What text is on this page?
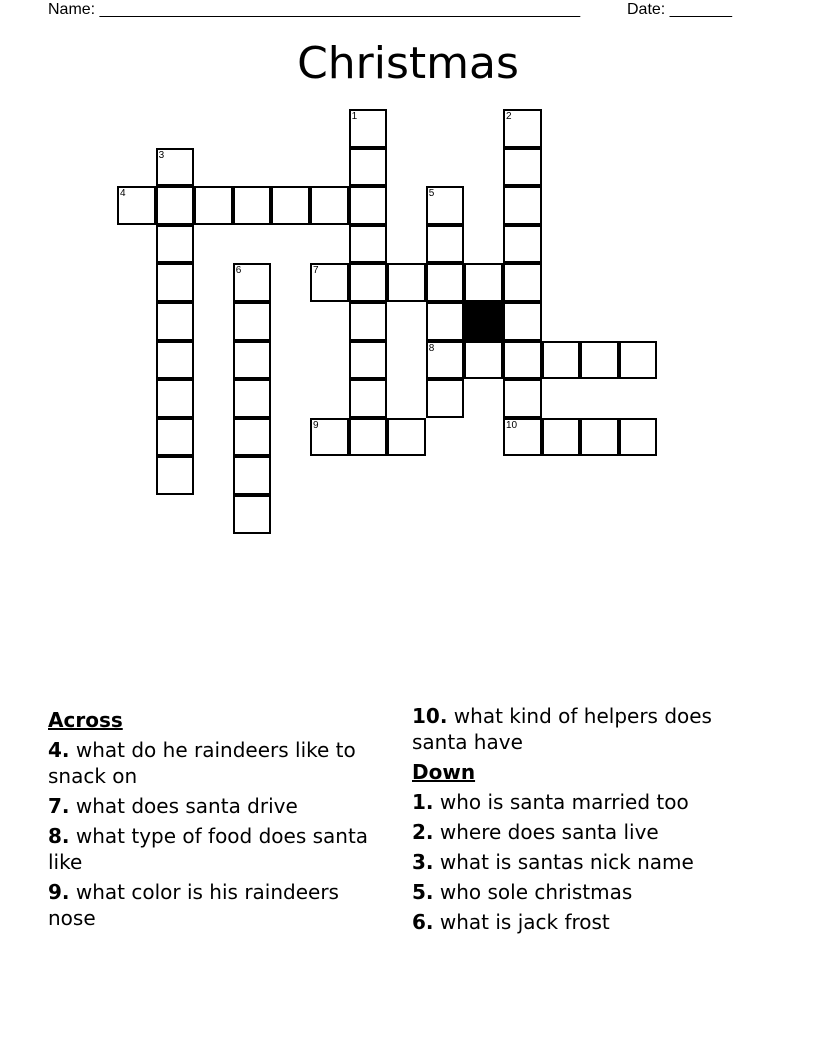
Name: ______________________________________________________	Date: _______
Christmas
1	2
10
3
4	5
8
6	7
9
Across
4. what do he raindeers like to snack on
7. what does santa drive
8. what type of food does santa like
9. what color is his raindeers nose
10. what kind of helpers does santa have
Down
1. who is santa married too
2. where does santa live
3. what is santas nick name
5. who sole christmas
6. what is jack frost
